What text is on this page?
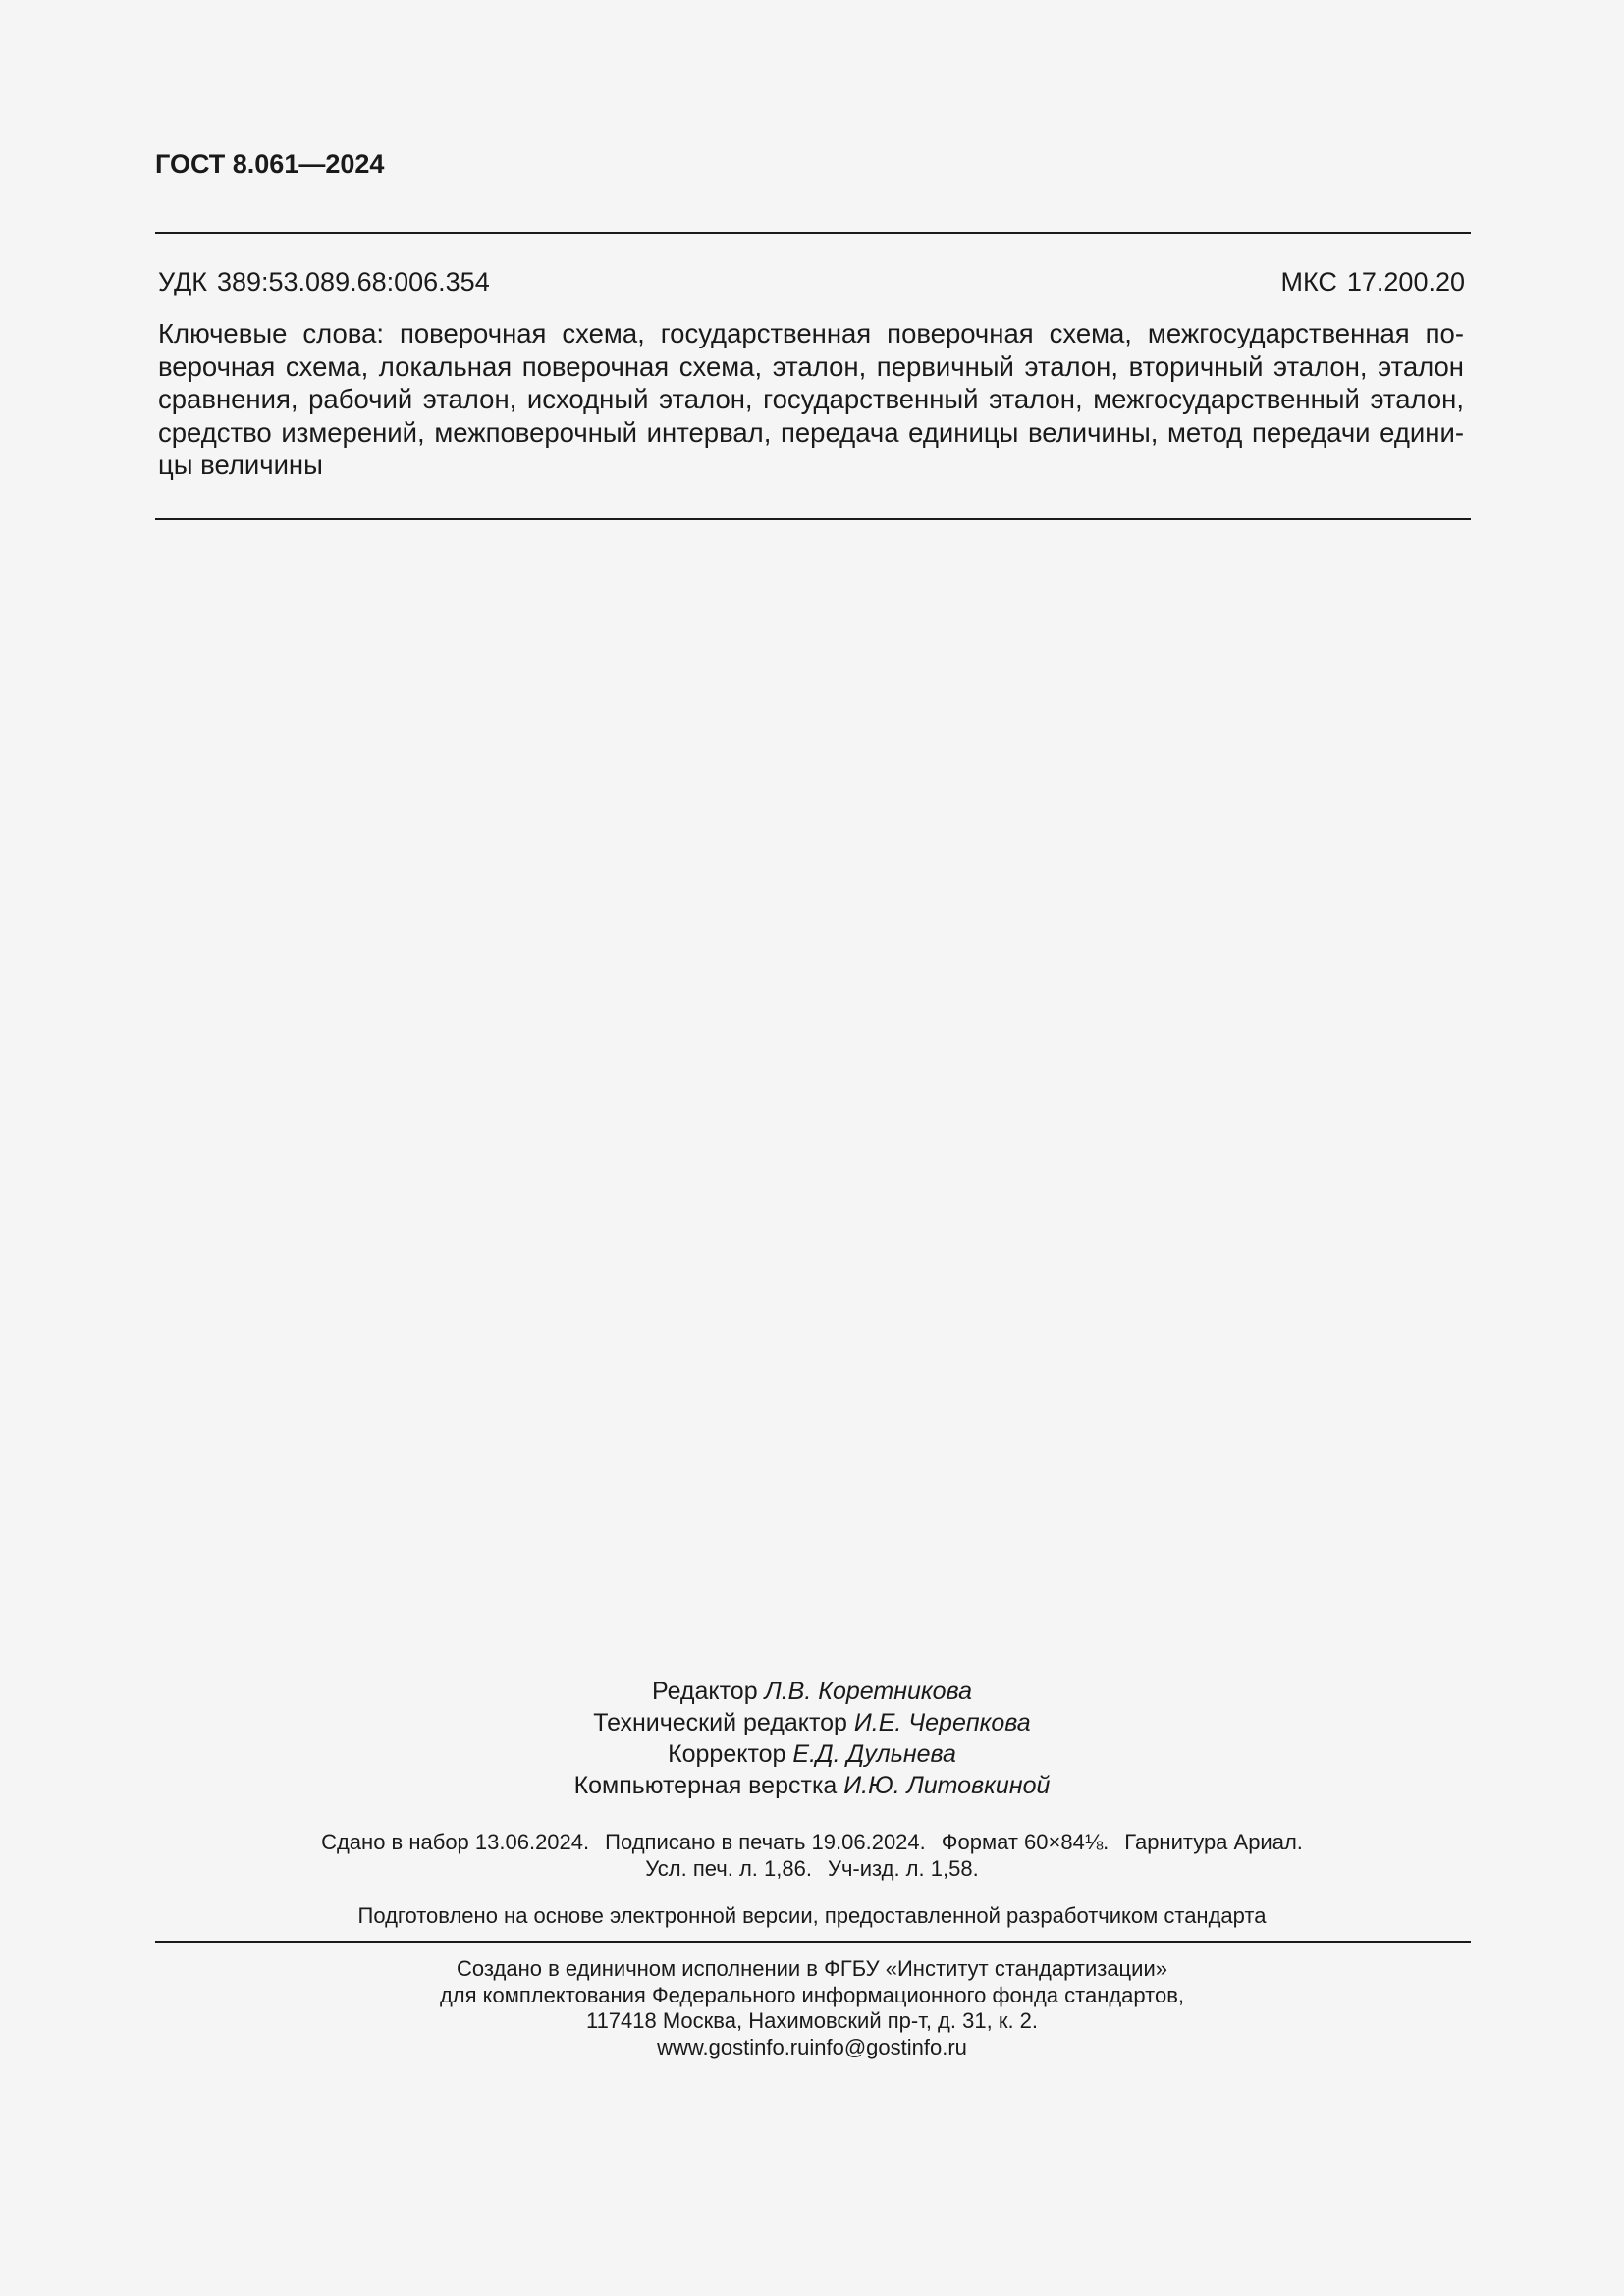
ГОСТ 8.061—2024
УДК 389:53.089.68:006.354	МКС 17.200.20

Ключевые слова: поверочная схема, государственная поверочная схема, межгосударственная по- верочная схема, локальная поверочная схема, эталон, первичный эталон, вторичный эталон, эталон сравнения, рабочий эталон, исходный эталон, государственный эталон, межгосударственный эталон, средство измерений, межповерочный интервал, передача единицы величины, метод передачи едини- цы величины

Редактор Л.В. Коретникова
Технический редактор И.Е. Черепкова
Корректор Е.Д. Дульнева
Компьютерная верстка И.Ю. Литовкиной
Сдано в набор 13.06.2024. Подписано в печать 19.06.2024. Формат 60×84⅛. Гарнитура Ариал.
Усл. печ. л. 1,86. Уч-изд. л. 1,58.
Подготовлено на основе электронной версии, предоставленной разработчиком стандарта
Создано в единичном исполнении в ФГБУ «Институт стандартизации»
для комплектования Федерального информационного фонда стандартов,
117418 Москва, Нахимовский пр-т, д. 31, к. 2.
www.gostinfo.ruinfo@gostinfo.ru
